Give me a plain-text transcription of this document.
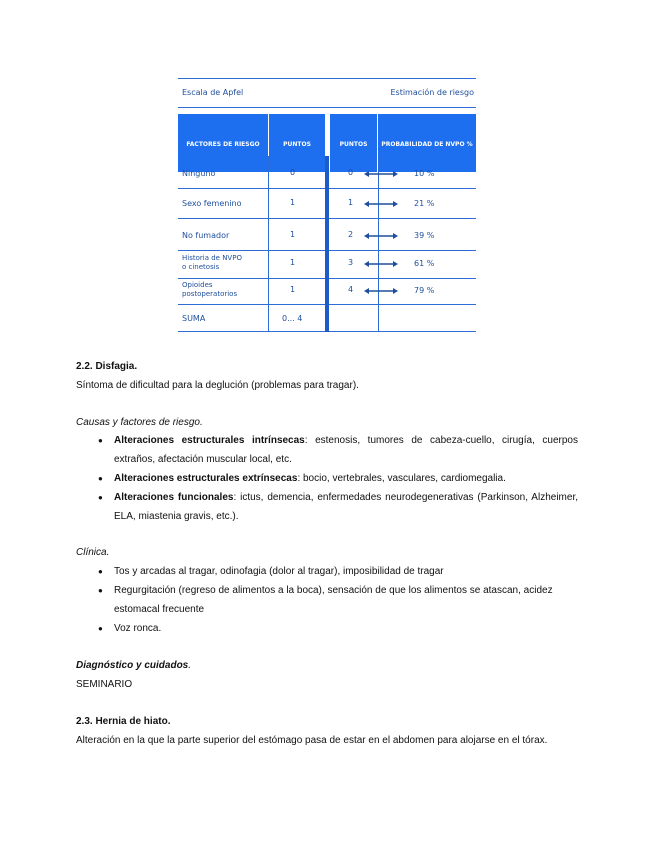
Escala de Apfel	Estimación de riesgo
FACTORES DE RIESGO	PUNTOS	PUNTOS PROBABILIDAD DE NVPO %
Ninguno	0	0	10 %
Sexo femenino	1	1	21 %
No fumador	1	2	39 %
Historia de NVPO
o cinetosis	1	3	61 %
Opioides
postoperatorios	1	4	79 %
SUMA	0... 4
2.2. Disfagia.
Síntoma de dificultad para la deglución (problemas para tragar).
Causas y factores de riesgo.
● Alteraciones estructurales intrínsecas: estenosis, tumores de cabeza-cuello, cirugía, cuerpos extraños, afectación muscular local, etc.
● Alteraciones estructurales extrínsecas: bocio, vertebrales, vasculares, cardiomegalia.
● Alteraciones funcionales: ictus, demencia, enfermedades neurodegenerativas (Parkinson, Alzheimer, ELA, miastenia gravis, etc.).
Clínica.
● Tos y arcadas al tragar, odinofagia (dolor al tragar), imposibilidad de tragar
● Regurgitación (regreso de alimentos a la boca), sensación de que los alimentos se atascan, acidez estomacal frecuente
● Voz ronca.
Diagnóstico y cuidados.
SEMINARIO
2.3. Hernia de hiato.
Alteración en la que la parte superior del estómago pasa de estar en el abdomen para alojarse en el tórax.
